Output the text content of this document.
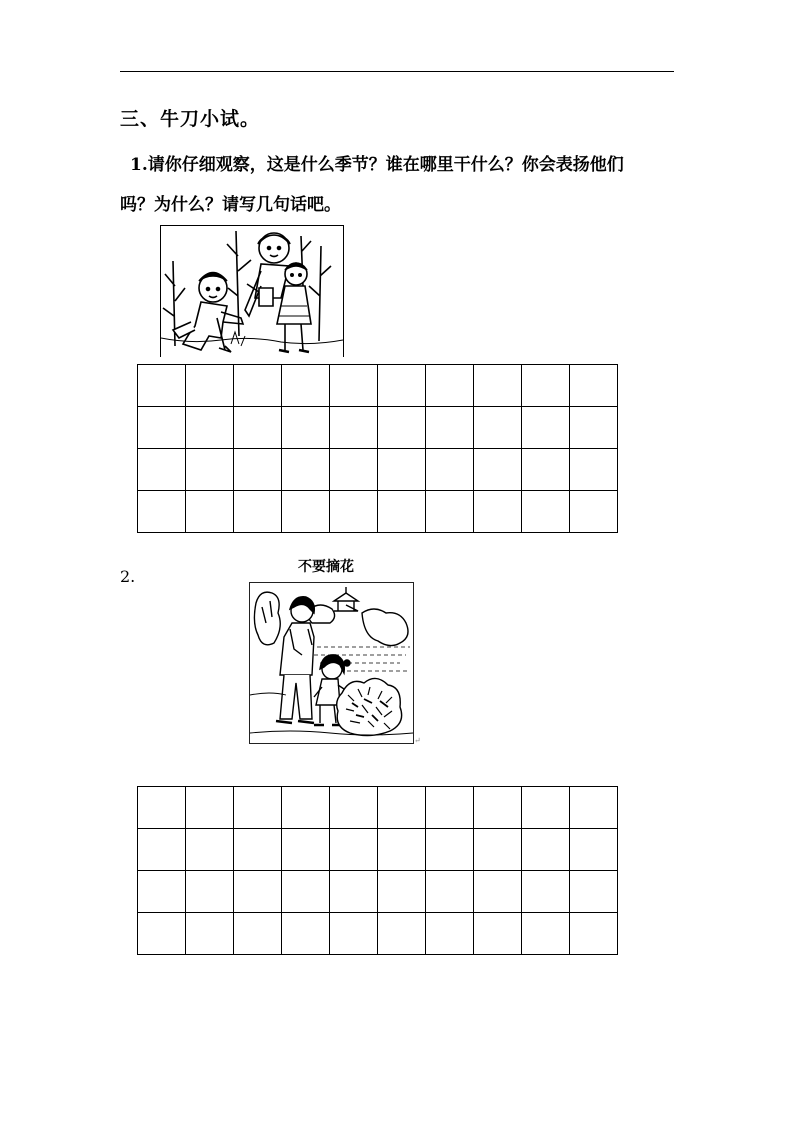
三、牛刀小试。
1.请你仔细观察，这是什么季节？谁在哪里干什么？你会表扬他们
吗？为什么？请写几句话吧。

2.	不要摘花
↵
